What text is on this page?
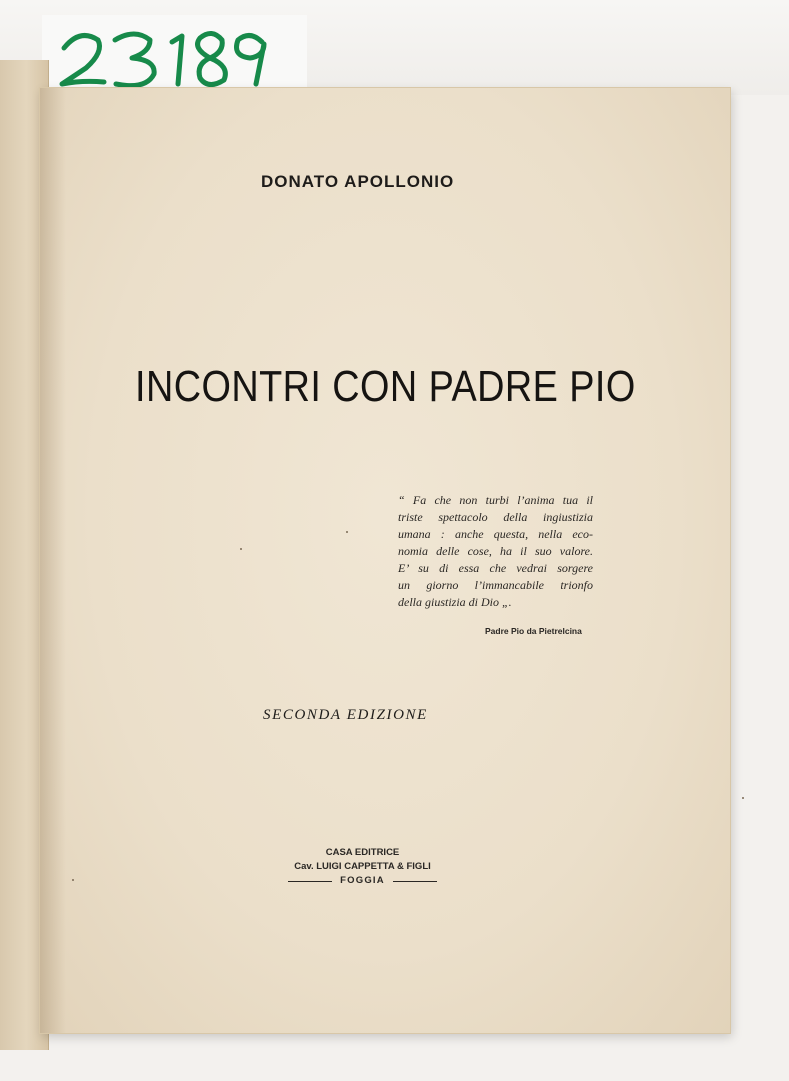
DONATO APOLLONIO
INCONTRI CON PADRE PIO
“ Fa che non turbi l’anima tua il
triste spettacolo della ingiustizia
umana : anche questa, nella eco-
nomia delle cose, ha il suo valore.
E’ su di essa che vedrai sorgere
un giorno l’immancabile trionfo
della giustizia di Dio „.
Padre Pio da Pietrelcina
SECONDA EDIZIONE
CASA EDITRICE
Cav. LUIGI CAPPETTA & FIGLI
FOGGIA
